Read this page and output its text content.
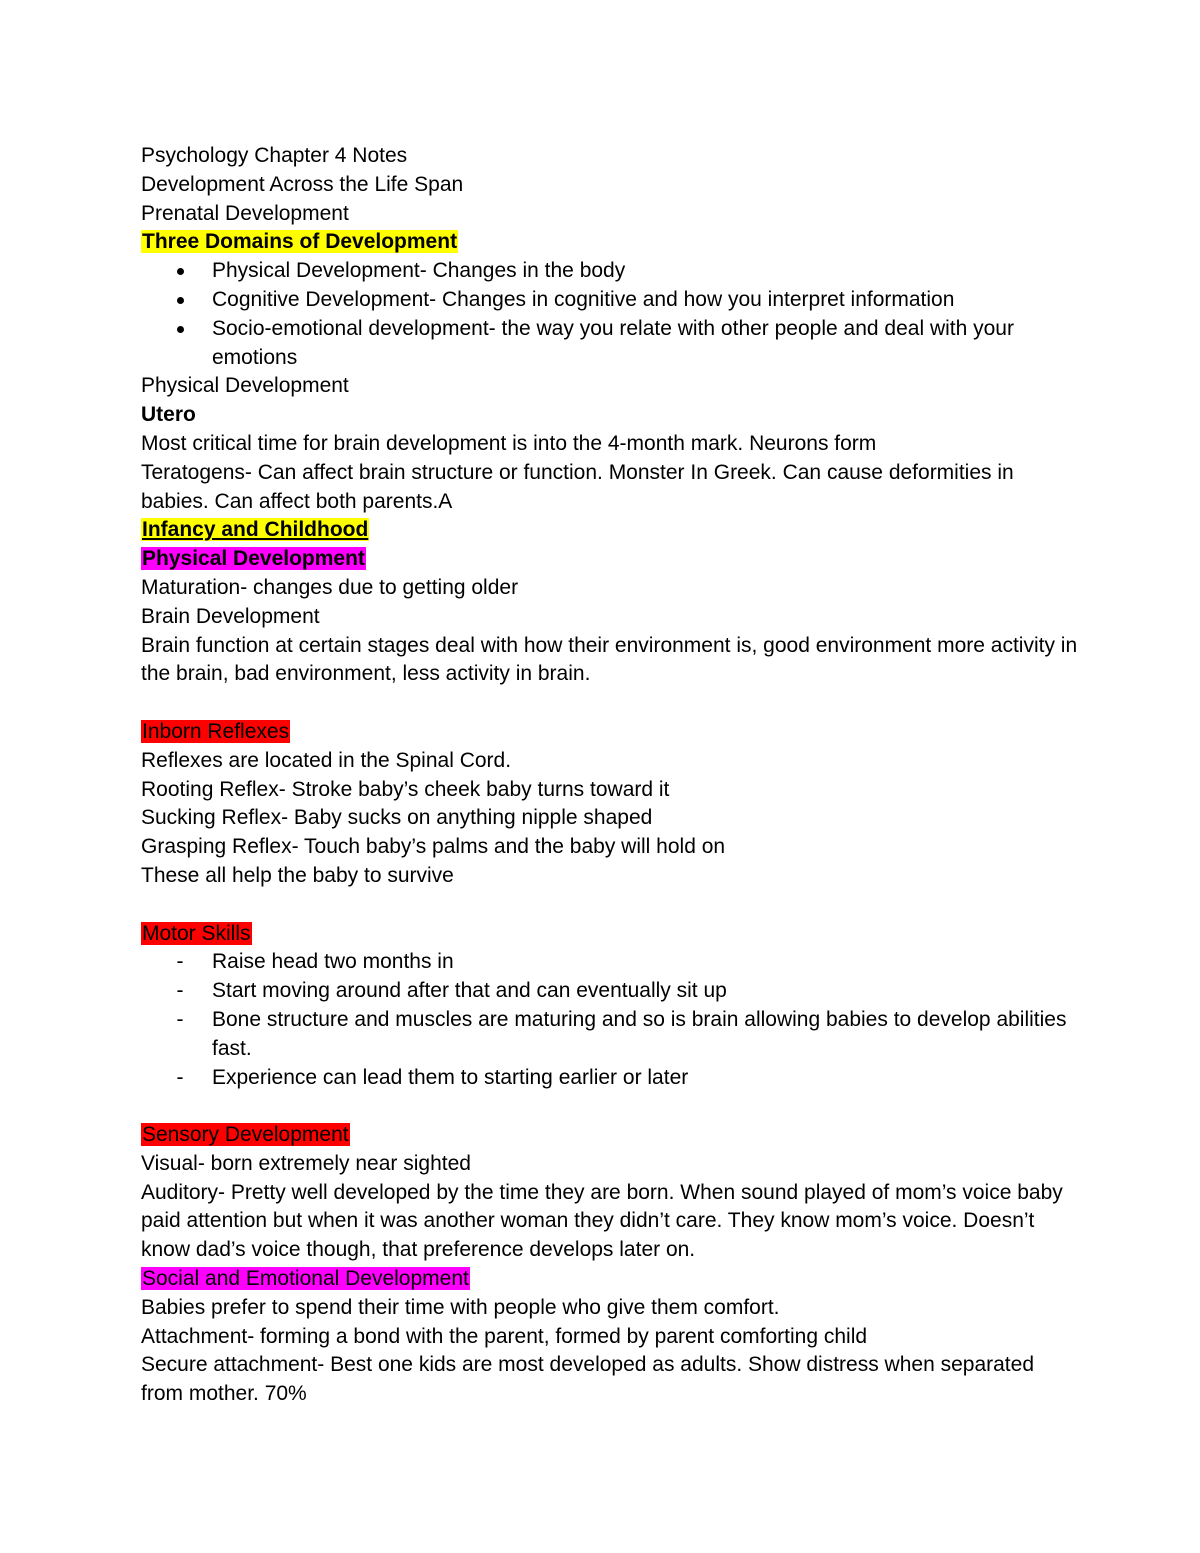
Psychology Chapter 4 Notes
Development Across the Life Span
Prenatal Development
Three Domains of Development
Physical Development- Changes in the body
Cognitive Development- Changes in cognitive and how you interpret information
Socio-emotional development- the way you relate with other people and deal with your emotions
Physical Development
Utero
Most critical time for brain development is into the 4-month mark. Neurons form
Teratogens- Can affect brain structure or function. Monster In Greek. Can cause deformities in babies. Can affect both parents.A
Infancy and Childhood
Physical Development
Maturation- changes due to getting older
Brain Development
Brain function at certain stages deal with how their environment is, good environment more activity in the brain, bad environment, less activity in brain.
Inborn Reflexes
Reflexes are located in the Spinal Cord.
Rooting Reflex- Stroke baby’s cheek baby turns toward it
Sucking Reflex- Baby sucks on anything nipple shaped
Grasping Reflex- Touch baby’s palms and the baby will hold on
These all help the baby to survive
Motor Skills
- Raise head two months in
- Start moving around after that and can eventually sit up
- Bone structure and muscles are maturing and so is brain allowing babies to develop abilities fast.
- Experience can lead them to starting earlier or later
Sensory Development
Visual- born extremely near sighted
Auditory- Pretty well developed by the time they are born. When sound played of mom’s voice baby paid attention but when it was another woman they didn’t care. They know mom’s voice. Doesn’t know dad’s voice though, that preference develops later on.
Social and Emotional Development
Babies prefer to spend their time with people who give them comfort.
Attachment- forming a bond with the parent, formed by parent comforting child
Secure attachment- Best one kids are most developed as adults. Show distress when separated from mother. 70%
